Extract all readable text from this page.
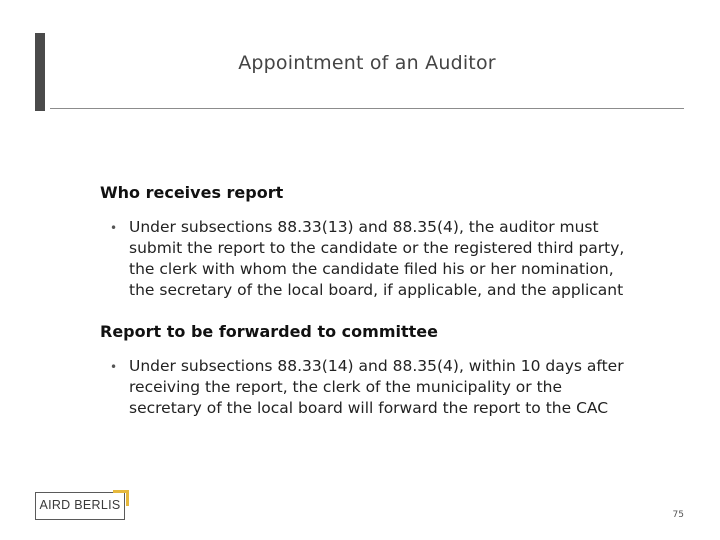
Appointment of an Auditor
Who receives report
• Under subsections 88.33(13) and 88.35(4), the auditor must
submit the report to the candidate or the registered third party,
the clerk with whom the candidate filed his or her nomination,
the secretary of the local board, if applicable, and the applicant
Report to be forwarded to committee
• Under subsections 88.33(14) and 88.35(4), within 10 days after
receiving the report, the clerk of the municipality or the
secretary of the local board will forward the report to the CAC
AIRD BERLIS
75
